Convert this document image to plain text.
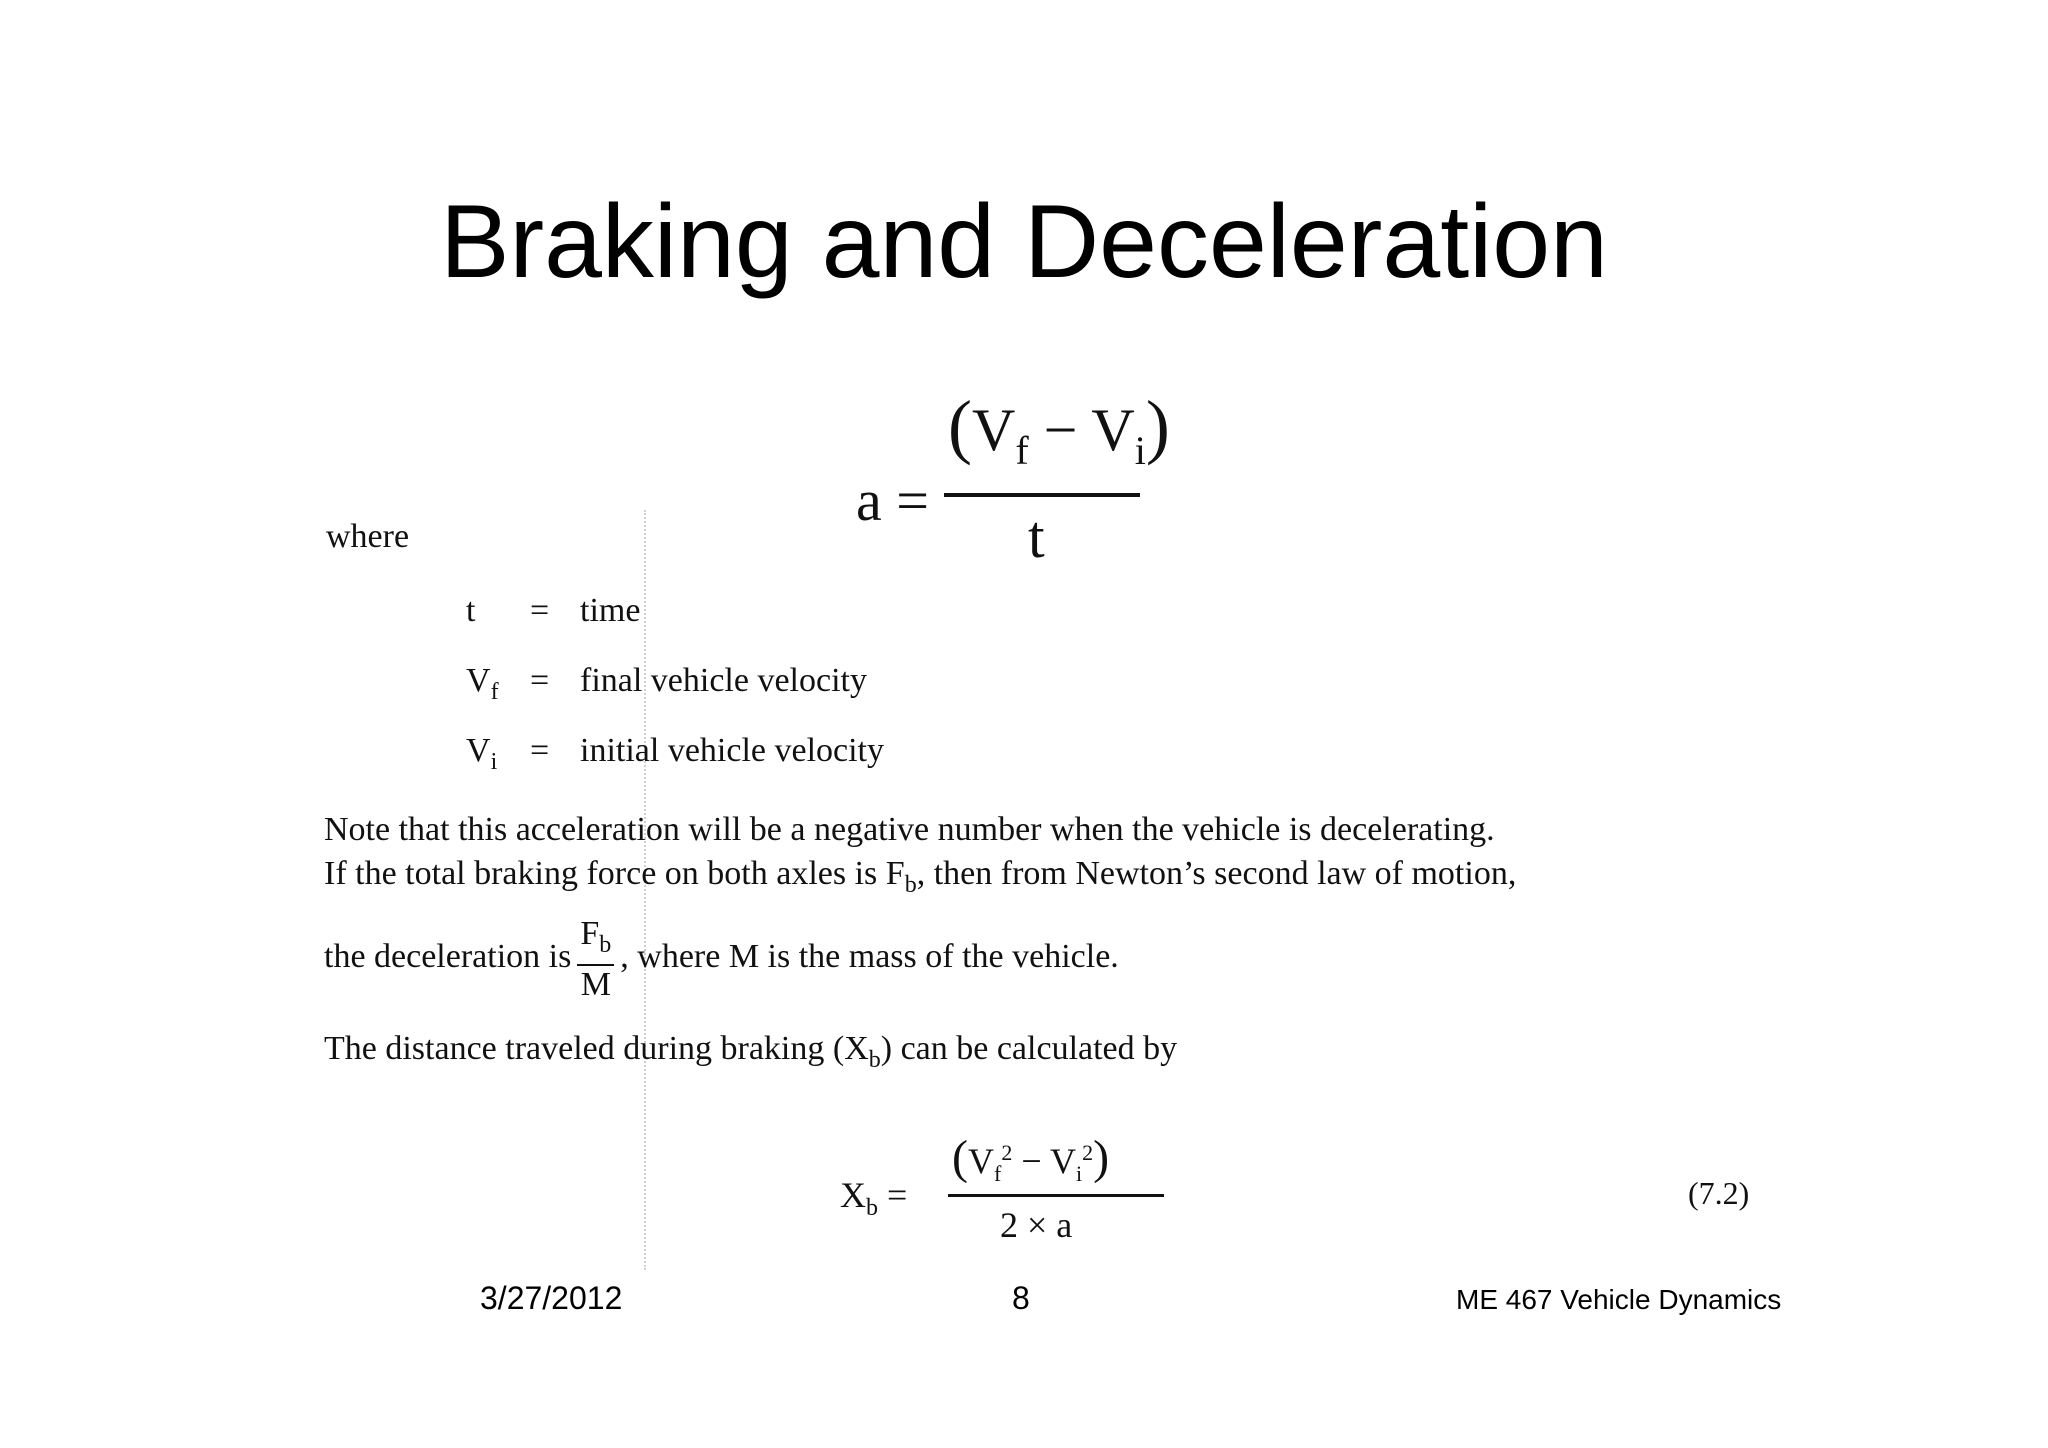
Braking and Deceleration
a =
$(V_f - V_i)$
t
where
t	= time
$V_f$ = final vehicle velocity
$V_i$ = initial vehicle velocity

Note that this acceleration will be a negative number when the vehicle is decelerating.

If the total braking force on both axles is $F_b$, then from Newton’s second law of motion,

the deceleration is $\frac{F_b}{M}$ , where M is the mass of the vehicle.

The distance traveled during braking $(X_b)$ can be calculated by
$X_b$ =
$(V_f^2 - V_i^2)$
2 × a
(7.2)
3/27/2012	8	ME 467 Vehicle Dynamics
